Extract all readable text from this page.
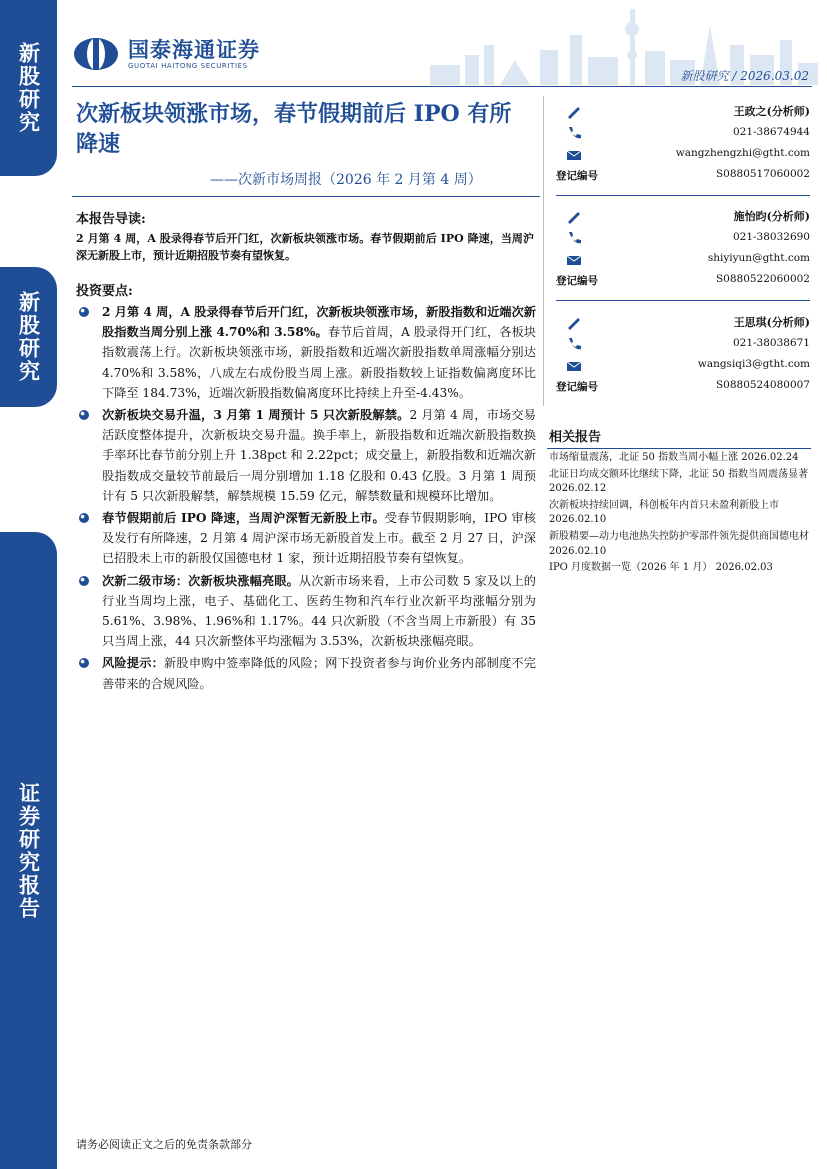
新股研究
新股研究
证券研究报告
国泰海通证券
GUOTAI HAITONG SECURITIES
新股研究 / 2026.03.02
次新板块领涨市场，春节假期前后 IPO 有所降速
——次新市场周报（2026 年 2 月第 4 周）
本报告导读:
2 月第 4 周，A 股录得春节后开门红，次新板块领涨市场。春节假期前后 IPO 降速，当周沪深无新股上市，预计近期招股节奏有望恢复。
投资要点:
2 月第 4 周，A 股录得春节后开门红，次新板块领涨市场，新股指数和近端次新股指数当周分别上涨 4.70%和 3.58%。春节后首周，A 股录得开门红，各板块指数震荡上行。次新板块领涨市场，新股指数和近端次新股指数单周涨幅分别达 4.70%和 3.58%，八成左右成份股当周上涨。新股指数较上证指数偏离度环比下降至 184.73%，近端次新股指数偏离度环比持续上升至-4.43%。
次新板块交易升温，3 月第 1 周预计 5 只次新股解禁。2 月第 4 周，市场交易活跃度整体提升，次新板块交易升温。换手率上，新股指数和近端次新股指数换手率环比春节前分别上升 1.38pct 和 2.22pct；成交量上，新股指数和近端次新股指数成交量较节前最后一周分别增加 1.18 亿股和 0.43 亿股。3 月第 1 周预计有 5 只次新股解禁，解禁规模 15.59 亿元，解禁数量和规模环比增加。
春节假期前后 IPO 降速，当周沪深暂无新股上市。受春节假期影响，IPO 审核及发行有所降速，2 月第 4 周沪深市场无新股首发上市。截至 2 月 27 日，沪深已招股未上市的新股仅国德电材 1 家，预计近期招股节奏有望恢复。
次新二级市场：次新板块涨幅亮眼。从次新市场来看，上市公司数 5 家及以上的行业当周均上涨，电子、基础化工、医药生物和汽车行业次新平均涨幅分别为 5.61%、3.98%、1.96%和 1.17%。44 只次新股（不含当周上市新股）有 35 只当周上涨，44 只次新整体平均涨幅为 3.53%，次新板块涨幅亮眼。
风险提示：新股申购中签率降低的风险；网下投资者参与询价业务内部制度不完善带来的合规风险。
王政之(分析师)
021-38674944
wangzhengzhi@gtht.com
登记编号	S0880517060002
施怡昀(分析师)
021-38032690
shiyiyun@gtht.com
登记编号	S0880522060002
王思琪(分析师)
021-38038671
wangsiqi3@gtht.com
登记编号	S0880524080007
相关报告
市场缩量震荡，北证 50 指数当周小幅上涨 2026.02.24
北证日均成交额环比继续下降，北证 50 指数当周震荡显著 2026.02.12
次新板块持续回调，科创板年内首只未盈利新股上市 2026.02.10
新股精要—动力电池热失控防护零部件领先提供商国德电材 2026.02.10
IPO 月度数据一览（2026 年 1 月） 2026.02.03
请务必阅读正文之后的免责条款部分
